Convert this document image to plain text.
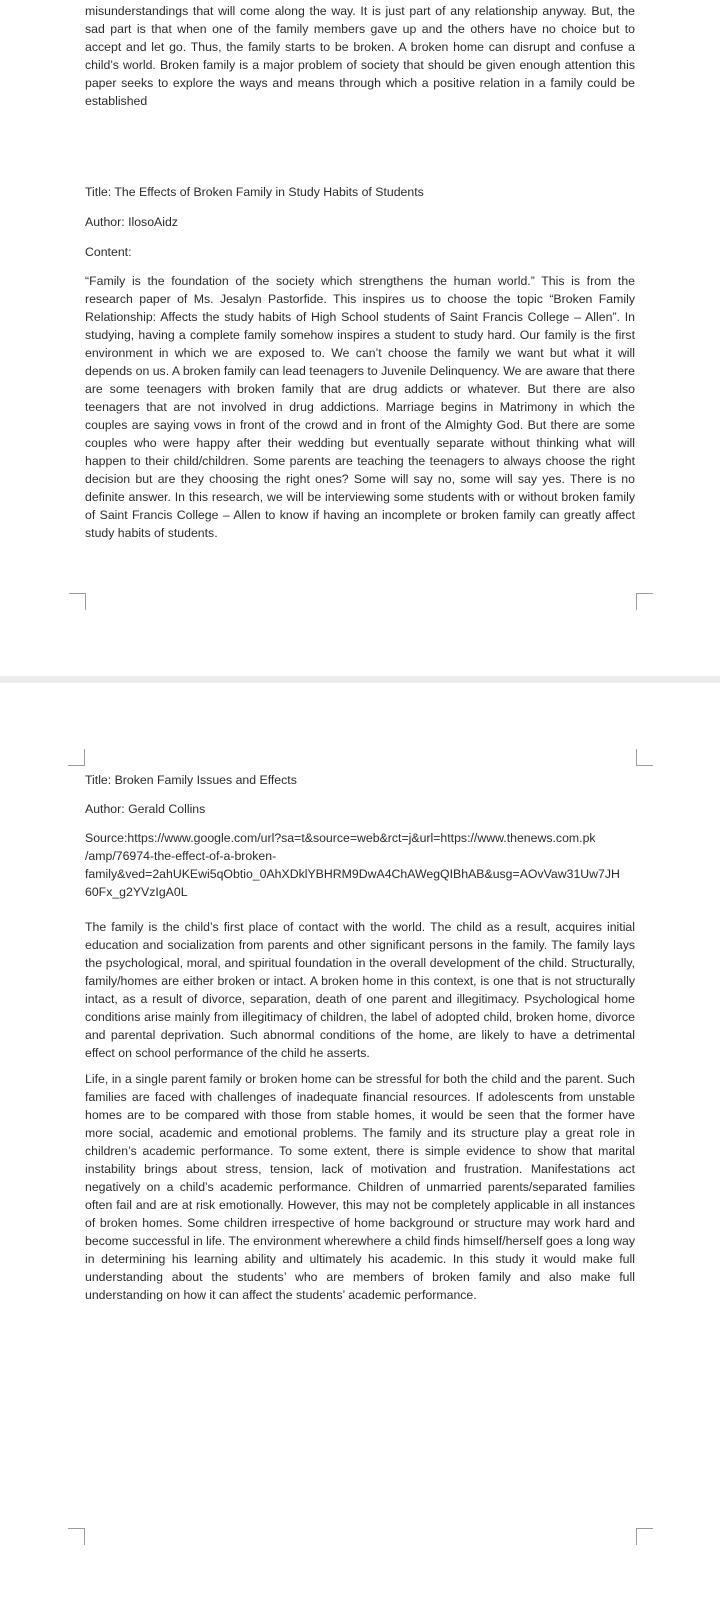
misunderstandings that will come along the way. It is just part of any relationship anyway. But, the sad part is that when one of the family members gave up and the others have no choice but to accept and let go. Thus, the family starts to be broken. A broken home can disrupt and confuse a child’s world. Broken family is a major problem of society that should be given enough attention this paper seeks to explore the ways and means through which a positive relation in a family could be established

Title: The Effects of Broken Family in Study Habits of Students

Author: IlosoAidz

Content:

“Family is the foundation of the society which strengthens the human world.” This is from the research paper of Ms. Jesalyn Pastorfide. This inspires us to choose the topic “Broken Family Relationship: Affects the study habits of High School students of Saint Francis College – Allen”. In studying, having a complete family somehow inspires a student to study hard. Our family is the first environment in which we are exposed to. We can’t choose the family we want but what it will depends on us. A broken family can lead teenagers to Juvenile Delinquency. We are aware that there are some teenagers with broken family that are drug addicts or whatever. But there are also teenagers that are not involved in drug addictions. Marriage begins in Matrimony in which the couples are saying vows in front of the crowd and in front of the Almighty God. But there are some couples who were happy after their wedding but eventually separate without thinking what will happen to their child/children. Some parents are teaching the teenagers to always choose the right decision but are they choosing the right ones? Some will say no, some will say yes. There is no definite answer. In this research, we will be interviewing some students with or without broken family of Saint Francis College – Allen to know if having an incomplete or broken family can greatly affect study habits of students.

Title: Broken Family Issues and Effects

Author: Gerald Collins

Source:https://www.google.com/url?sa=t&source=web&rct=j&url=https://www.thenews.com.pk

/amp/76974-the-effect-of-a-broken-

family&ved=2ahUKEwi5qObtio_0AhXDklYBHRM9DwA4ChAWegQIBhAB&usg=AOvVaw31Uw7JH

60Fx_g2YVzIgA0L

The family is the child’s first place of contact with the world. The child as a result, acquires initial education and socialization from parents and other significant persons in the family. The family lays the psychological, moral, and spiritual foundation in the overall development of the child. Structurally, family/homes are either broken or intact. A broken home in this context, is one that is not structurally intact, as a result of divorce, separation, death of one parent and illegitimacy. Psychological home conditions arise mainly from illegitimacy of children, the label of adopted child, broken home, divorce and parental deprivation. Such abnormal conditions of the home, are likely to have a detrimental effect on school performance of the child he asserts.

Life, in a single parent family or broken home can be stressful for both the child and the parent. Such families are faced with challenges of inadequate financial resources. If adolescents from unstable homes are to be compared with those from stable homes, it would be seen that the former have more social, academic and emotional problems. The family and its structure play a great role in children’s academic performance. To some extent, there is simple evidence to show that marital instability brings about stress, tension, lack of motivation and frustration. Manifestations act negatively on a child’s academic performance. Children of unmarried parents/separated families often fail and are at risk emotionally. However, this may not be completely applicable in all instances of broken homes. Some children irrespective of home background or structure may work hard and become successful in life. The environment wherewhere a child finds himself/herself goes a long way in determining his learning ability and ultimately his academic. In this study it would make full understanding about the students’ who are members of broken family and also make full understanding on how it can affect the students’ academic performance.
